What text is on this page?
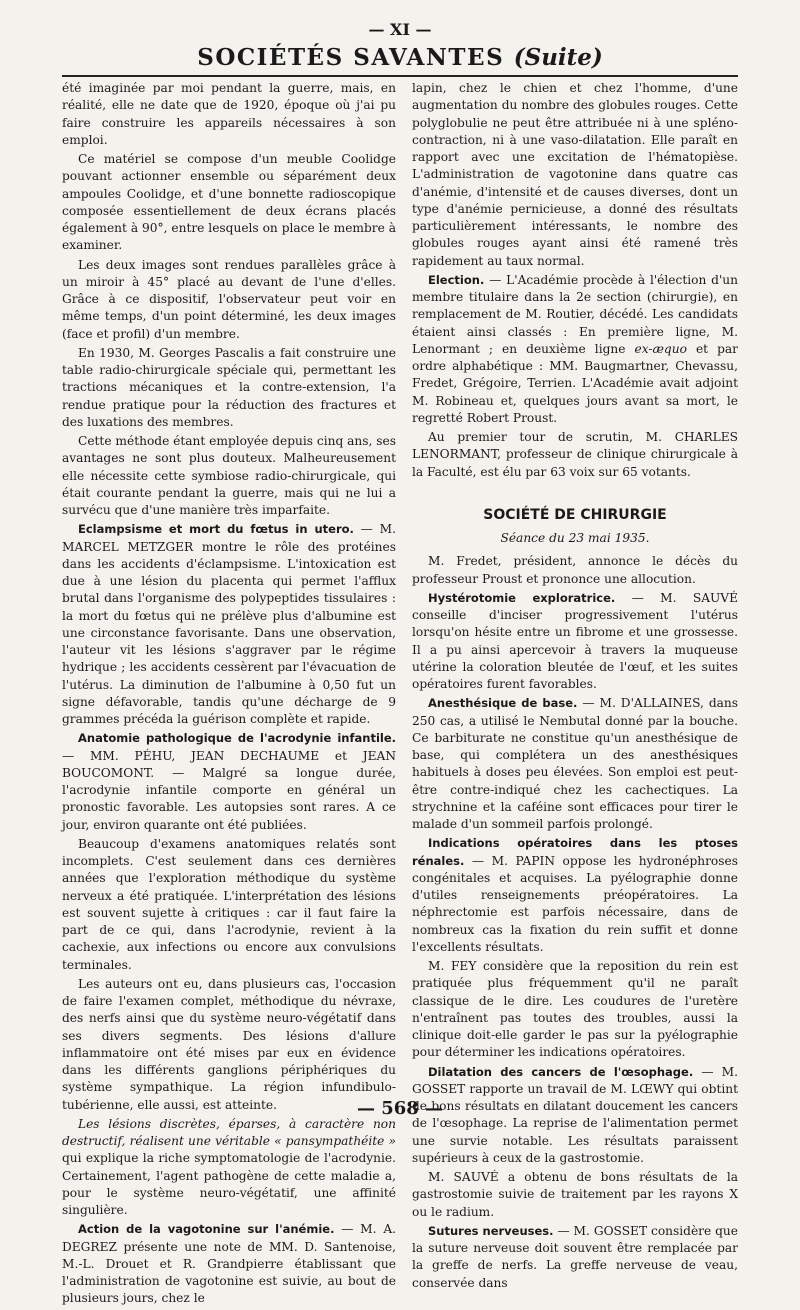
— XI —
SOCIÉTÉS SAVANTES (Suite)

été imaginée par moi pendant la guerre, mais, en réalité, elle ne date que de 1920, époque où j'ai pu faire construire les appareils nécessaires à son emploi.

Ce matériel se compose d'un meuble Coolidge pouvant actionner ensemble ou séparément deux ampoules Coolidge, et d'une bonnette radioscopique composée essentiellement de deux écrans placés également à 90°, entre lesquels on place le membre à examiner.

Les deux images sont rendues parallèles grâce à un miroir à 45° placé au devant de l'une d'elles. Grâce à ce dispositif, l'observateur peut voir en même temps, d'un point déterminé, les deux images (face et profil) d'un membre.

En 1930, M. Georges Pascalis a fait construire une table radio-chirurgicale spéciale qui, permettant les tractions mécaniques et la contre-extension, l'a rendue pratique pour la réduction des fractures et des luxations des membres.

Cette méthode étant employée depuis cinq ans, ses avantages ne sont plus douteux. Malheureusement elle nécessite cette symbiose radio-chirurgicale, qui était courante pendant la guerre, mais qui ne lui a survécu que d'une manière très imparfaite.

Eclampsisme et mort du fœtus in utero. — M. MARCEL METZGER montre le rôle des protéines dans les accidents d'éclampsisme. L'intoxication est due à une lésion du placenta qui permet l'afflux brutal dans l'organisme des polypeptides tissulaires : la mort du fœtus qui ne prélève plus d'albumine est une circonstance favorisante. Dans une observation, l'auteur vit les lésions s'aggraver par le régime hydrique ; les accidents cessèrent par l'évacuation de l'utérus. La diminution de l'albumine à 0,50 fut un signe défavorable, tandis qu'une décharge de 9 grammes précéda la guérison complète et rapide.

Anatomie pathologique de l'acrodynie infantile. — MM. PÉHU, JEAN DECHAUME et JEAN BOUCOMONT. — Malgré sa longue durée, l'acrodynie infantile comporte en général un pronostic favorable. Les autopsies sont rares. A ce jour, environ quarante ont été publiées.

Beaucoup d'examens anatomiques relatés sont incomplets. C'est seulement dans ces dernières années que l'exploration méthodique du système nerveux a été pratiquée. L'interprétation des lésions est souvent sujette à critiques : car il faut faire la part de ce qui, dans l'acrodynie, revient à la cachexie, aux infections ou encore aux convulsions terminales.

Les auteurs ont eu, dans plusieurs cas, l'occasion de faire l'examen complet, méthodique du névraxe, des nerfs ainsi que du système neuro-végétatif dans ses divers segments. Des lésions d'allure inflammatoire ont été mises par eux en évidence dans les différents ganglions périphériques du système sympathique. La région infundibulo-tubérienne, elle aussi, est atteinte.

Les lésions discrètes, éparses, à caractère non destructif, réalisent une véritable « pansympathéite » qui explique la riche symptomatologie de l'acrodynie. Certainement, l'agent pathogène de cette maladie a, pour le système neuro-végétatif, une affinité singulière.

Action de la vagotonine sur l'anémie. — M. A. DEGREZ présente une note de MM. D. Santenoise, M.-L. Drouet et R. Grandpierre établissant que l'administration de vagotonine est suivie, au bout de plusieurs jours, chez le

lapin, chez le chien et chez l'homme, d'une augmentation du nombre des globules rouges. Cette polyglobulie ne peut être attribuée ni à une spléno-contraction, ni à une vaso-dilatation. Elle paraît en rapport avec une excitation de l'hématopièse. L'administration de vagotonine dans quatre cas d'anémie, d'intensité et de causes diverses, dont un type d'anémie pernicieuse, a donné des résultats particulièrement intéressants, le nombre des globules rouges ayant ainsi été ramené très rapidement au taux normal.

Election. — L'Académie procède à l'élection d'un membre titulaire dans la 2e section (chirurgie), en remplacement de M. Routier, décédé. Les candidats étaient ainsi classés : En première ligne, M. Lenormant ; en deuxième ligne ex-æquo et par ordre alphabétique : MM. Baugmartner, Chevassu, Fredet, Grégoire, Terrien. L'Académie avait adjoint M. Robineau et, quelques jours avant sa mort, le regretté Robert Proust.

Au premier tour de scrutin, M. CHARLES LENORMANT, professeur de clinique chirurgicale à la Faculté, est élu par 63 voix sur 65 votants.

SOCIÉTÉ DE CHIRURGIE
Séance du 23 mai 1935.

M. Fredet, président, annonce le décès du professeur Proust et prononce une allocution.

Hystérotomie exploratrice. — M. SAUVÉ conseille d'inciser progressivement l'utérus lorsqu'on hésite entre un fibrome et une grossesse. Il a pu ainsi apercevoir à travers la muqueuse utérine la coloration bleutée de l'œuf, et les suites opératoires furent favorables.

Anesthésique de base. — M. D'ALLAINES, dans 250 cas, a utilisé le Nembutal donné par la bouche. Ce barbiturate ne constitue qu'un anesthésique de base, qui complétera un des anesthésiques habituels à doses peu élevées. Son emploi est peut-être contre-indiqué chez les cachectiques. La strychnine et la caféine sont efficaces pour tirer le malade d'un sommeil parfois prolongé.

Indications opératoires dans les ptoses rénales. — M. PAPIN oppose les hydronéphroses congénitales et acquises. La pyélographie donne d'utiles renseignements préopératoires. La néphrectomie est parfois nécessaire, dans de nombreux cas la fixation du rein suffit et donne l'excellents résultats.

M. FEY considère que la reposition du rein est pratiquée plus fréquemment qu'il ne paraît classique de le dire. Les coudures de l'uretère n'entraînent pas toutes des troubles, aussi la clinique doit-elle garder le pas sur la pyélographie pour déterminer les indications opératoires.

Dilatation des cancers de l'œsophage. — M. GOSSET rapporte un travail de M. LŒWY qui obtint de bons résultats en dilatant doucement les cancers de l'œsophage. La reprise de l'alimentation permet une survie notable. Les résultats paraissent supérieurs à ceux de la gastrostomie.

M. SAUVÉ a obtenu de bons résultats de la gastrostomie suivie de traitement par les rayons X ou le radium.

Sutures nerveuses. — M. GOSSET considère que la suture nerveuse doit souvent être remplacée par la greffe de nerfs. La greffe nerveuse de veau, conservée dans

— 568 —
